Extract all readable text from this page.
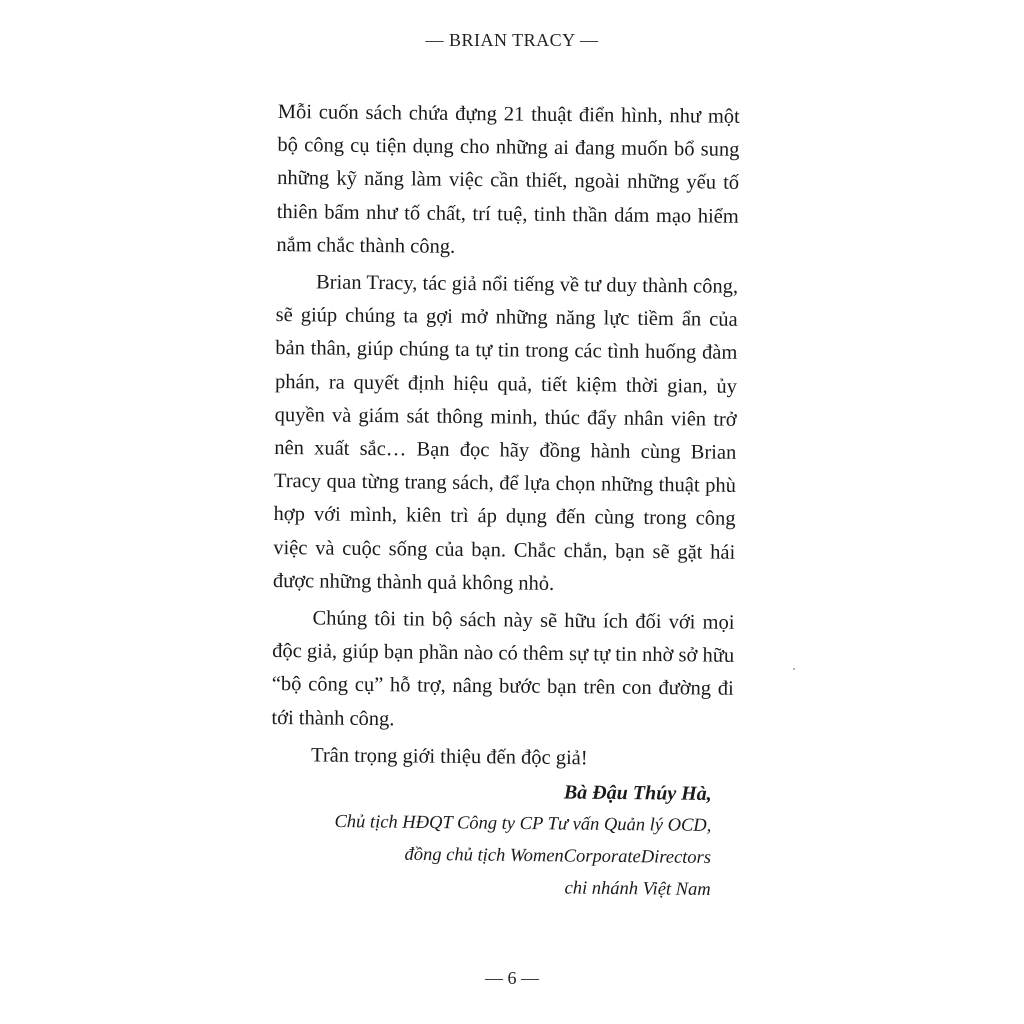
— BRIAN TRACY —

Mỗi cuốn sách chứa đựng 21 thuật điển hình, như một bộ công cụ tiện dụng cho những ai đang muốn bổ sung những kỹ năng làm việc cần thiết, ngoài những yếu tố thiên bẩm như tố chất, trí tuệ, tinh thần dám mạo hiểm nắm chắc thành công.

Brian Tracy, tác giả nổi tiếng về tư duy thành công, sẽ giúp chúng ta gợi mở những năng lực tiềm ẩn của bản thân, giúp chúng ta tự tin trong các tình huống đàm phán, ra quyết định hiệu quả, tiết kiệm thời gian, ủy quyền và giám sát thông minh, thúc đẩy nhân viên trở nên xuất sắc… Bạn đọc hãy đồng hành cùng Brian Tracy qua từng trang sách, để lựa chọn những thuật phù hợp với mình, kiên trì áp dụng đến cùng trong công việc và cuộc sống của bạn. Chắc chắn, bạn sẽ gặt hái được những thành quả không nhỏ.

Chúng tôi tin bộ sách này sẽ hữu ích đối với mọi độc giả, giúp bạn phần nào có thêm sự tự tin nhờ sở hữu “bộ công cụ” hỗ trợ, nâng bước bạn trên con đường đi tới thành công.

Trân trọng giới thiệu đến độc giả!

Bà Đậu Thúy Hà,
Chủ tịch HĐQT Công ty CP Tư vấn Quản lý OCD,
đồng chủ tịch WomenCorporateDirectors
chi nhánh Việt Nam
— 6 —
